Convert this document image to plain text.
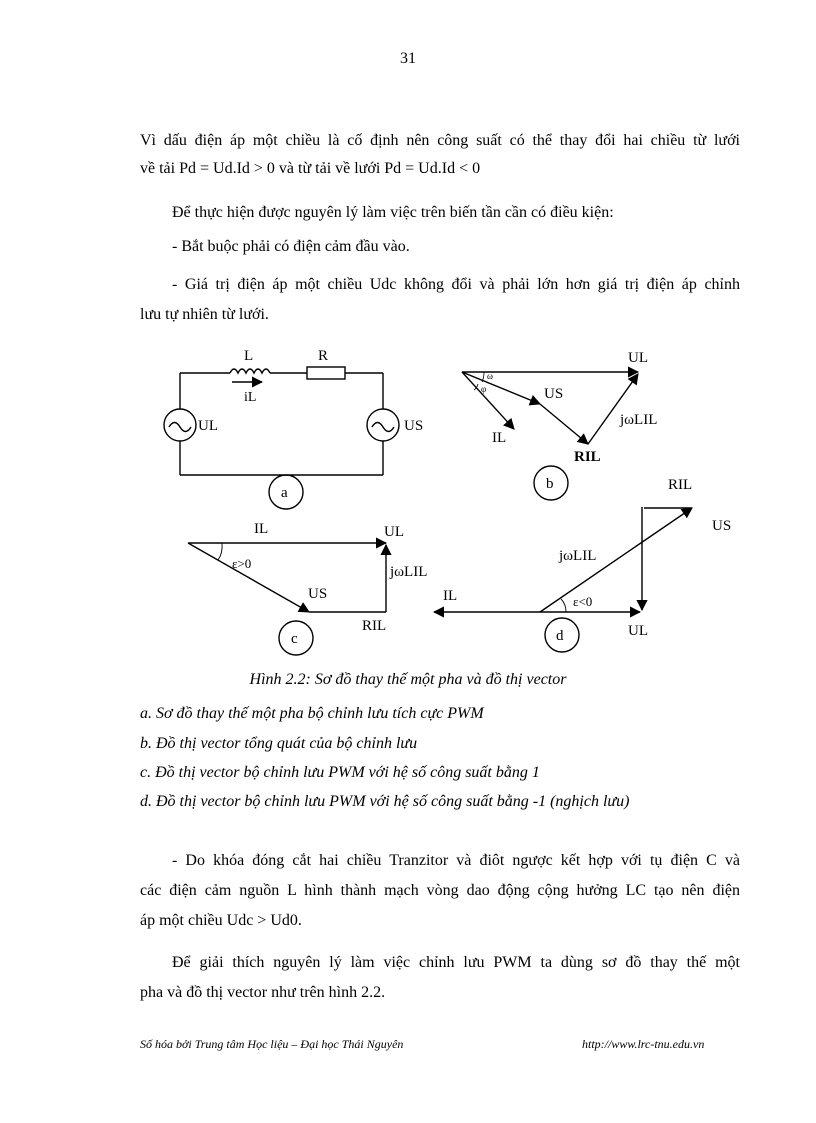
31
Vì dấu điện áp một chiều là cố định nên công suất có thể thay đổi hai chiều từ lưới
về tải Pd = Ud.Id > 0 và từ tải về lưới Pd = Ud.Id < 0
Để thực hiện được nguyên lý làm việc trên biến tần cần có điều kiện:
- Bắt buộc phải có điện cảm đầu vào.
- Giá trị điện áp một chiều Udc không đổi và phải lớn hơn giá trị điện áp chỉnh
lưu tự nhiên từ lưới.
L	R
iL
UL	US
a
ω
φ
UL
US
IL
jωLIL
RIL
b
IL	UL
ε>0
jωLIL
US
RIL
c
RIL
US
jωLIL
IL	ε<0
UL
d
Hình 2.2: Sơ đồ thay thế một pha và đồ thị vector
a. Sơ đồ thay thế một pha bộ chỉnh lưu tích cực PWM
b. Đồ thị vector tổng quát của bộ chỉnh lưu
c. Đồ thị vector bộ chỉnh lưu PWM với hệ số công suất bằng 1
d. Đồ thị vector bộ chỉnh lưu PWM với hệ số công suất bằng -1 (nghịch lưu)
- Do khóa đóng cắt hai chiều Tranzitor và điôt ngược kết hợp với tụ điện C và
các điện cảm nguồn L hình thành mạch vòng dao động cộng hưởng LC tạo nên điện
áp một chiều Udc > Ud0.
Để giải thích nguyên lý làm việc chỉnh lưu PWM ta dùng sơ đồ thay thế một
pha và đồ thị vector như trên hình 2.2.
Số hóa bởi Trung tâm Học liệu – Đại học Thái Nguyên	http://www.lrc-tnu.edu.vn
